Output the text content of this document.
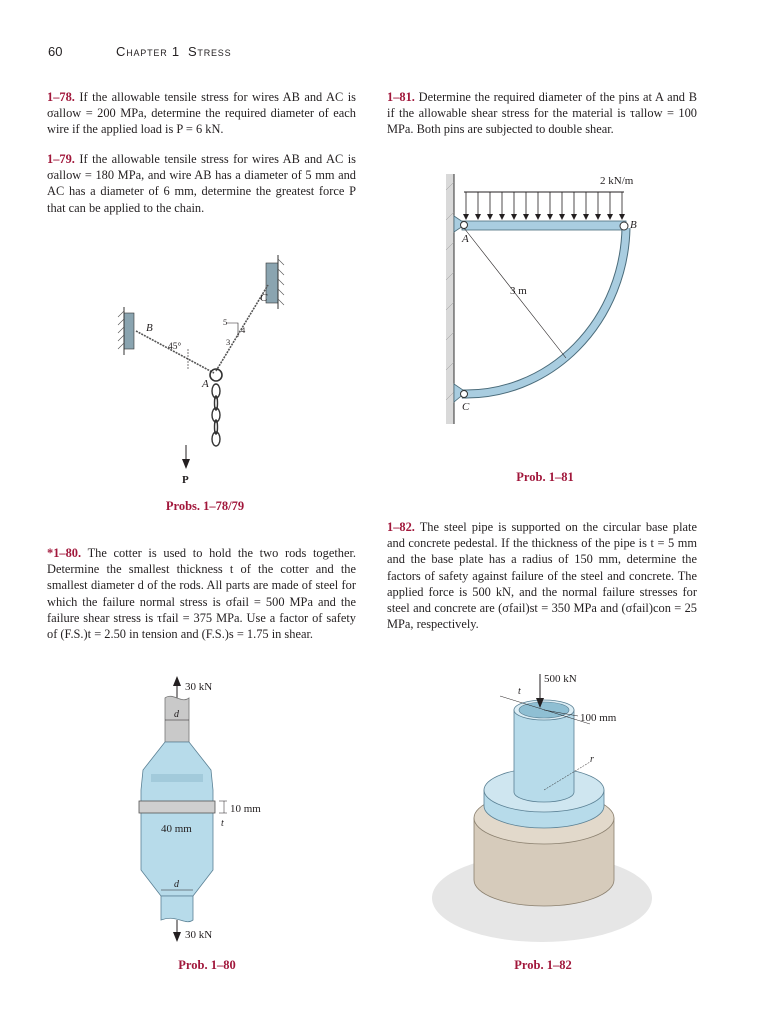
60	Chapter 1 Stress
1–78. If the allowable tensile stress for wires AB and AC is σallow = 200 MPa, determine the required diameter of each wire if the applied load is P = 6 kN.
1–79. If the allowable tensile stress for wires AB and AC is σallow = 180 MPa, and wire AB has a diameter of 5 mm and AC has a diameter of 6 mm, determine the greatest force P that can be applied to the chain.
*1–80. The cotter is used to hold the two rods together. Determine the smallest thickness t of the cotter and the smallest diameter d of the rods. All parts are made of steel for which the failure normal stress is σfail = 500 MPa and the failure shear stress is τfail = 375 MPa. Use a factor of safety of (F.S.)t = 2.50 in tension and (F.S.)s = 1.75 in shear.
1–81. Determine the required diameter of the pins at A and B if the allowable shear stress for the material is τallow = 100 MPa. Both pins are subjected to double shear.
1–82. The steel pipe is supported on the circular base plate and concrete pedestal. If the thickness of the pipe is t = 5 mm and the base plate has a radius of 150 mm, determine the factors of safety against failure of the steel and concrete. The applied force is 500 kN, and the normal failure stresses for steel and concrete are (σfail)st = 350 MPa and (σfail)con = 25 MPa, respectively.
B
C
A
P
45°
5
4
3
Probs. 1–78/79
2 kN/m
A
B
C
3 m
Prob. 1–81
30 kN
30 kN
d
d
40 mm
10 mm
t
Prob. 1–80
500 kN
t
100 mm
r
Prob. 1–82
